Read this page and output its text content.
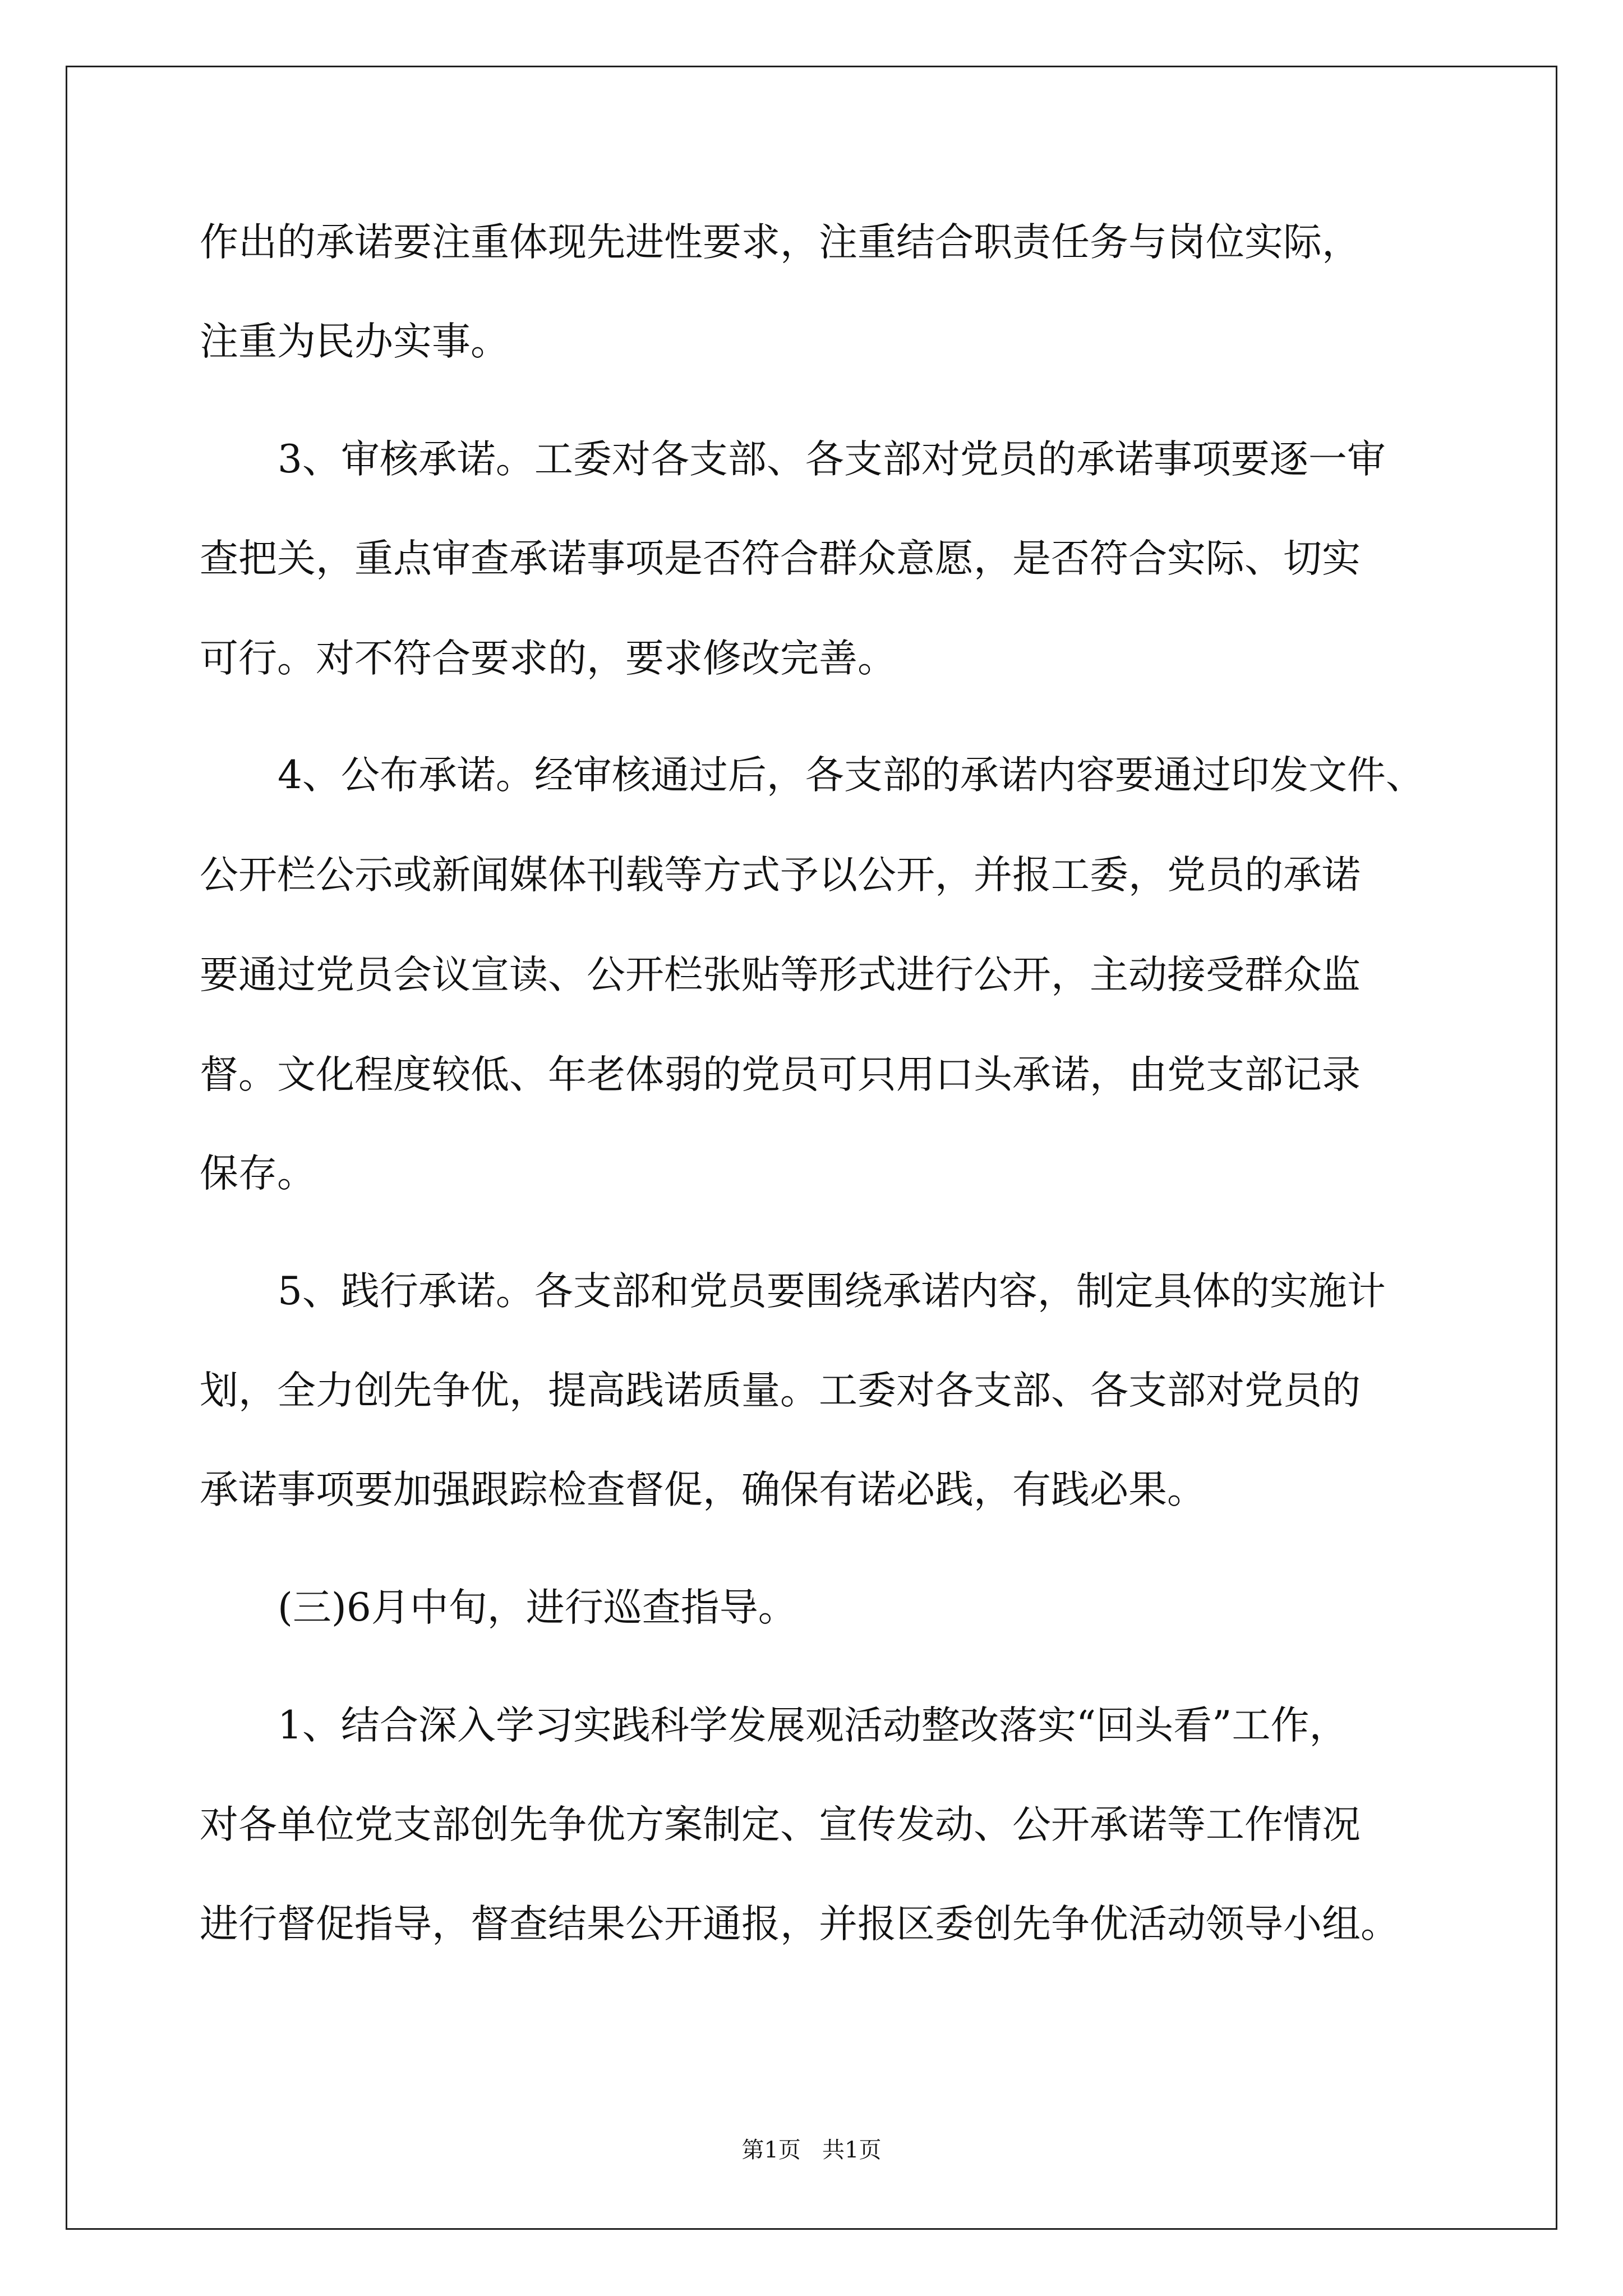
作出的承诺要注重体现先进性要求，注重结合职责任务与岗位实际，
注重为民办实事。
3、审核承诺。工委对各支部、各支部对党员的承诺事项要逐一审
查把关，重点审查承诺事项是否符合群众意愿，是否符合实际、切实
可行。对不符合要求的，要求修改完善。
4、公布承诺。经审核通过后，各支部的承诺内容要通过印发文件、
公开栏公示或新闻媒体刊载等方式予以公开，并报工委，党员的承诺
要通过党员会议宣读、公开栏张贴等形式进行公开，主动接受群众监
督。文化程度较低、年老体弱的党员可只用口头承诺，由党支部记录
保存。
5、践行承诺。各支部和党员要围绕承诺内容，制定具体的实施计
划，全力创先争优，提高践诺质量。工委对各支部、各支部对党员的
承诺事项要加强跟踪检查督促，确保有诺必践，有践必果。
(三)6月中旬，进行巡查指导。
1、结合深入学习实践科学发展观活动整改落实“回头看”工作，
对各单位党支部创先争优方案制定、宣传发动、公开承诺等工作情况
进行督促指导，督查结果公开通报，并报区委创先争优活动领导小组。
第1页   共1页
